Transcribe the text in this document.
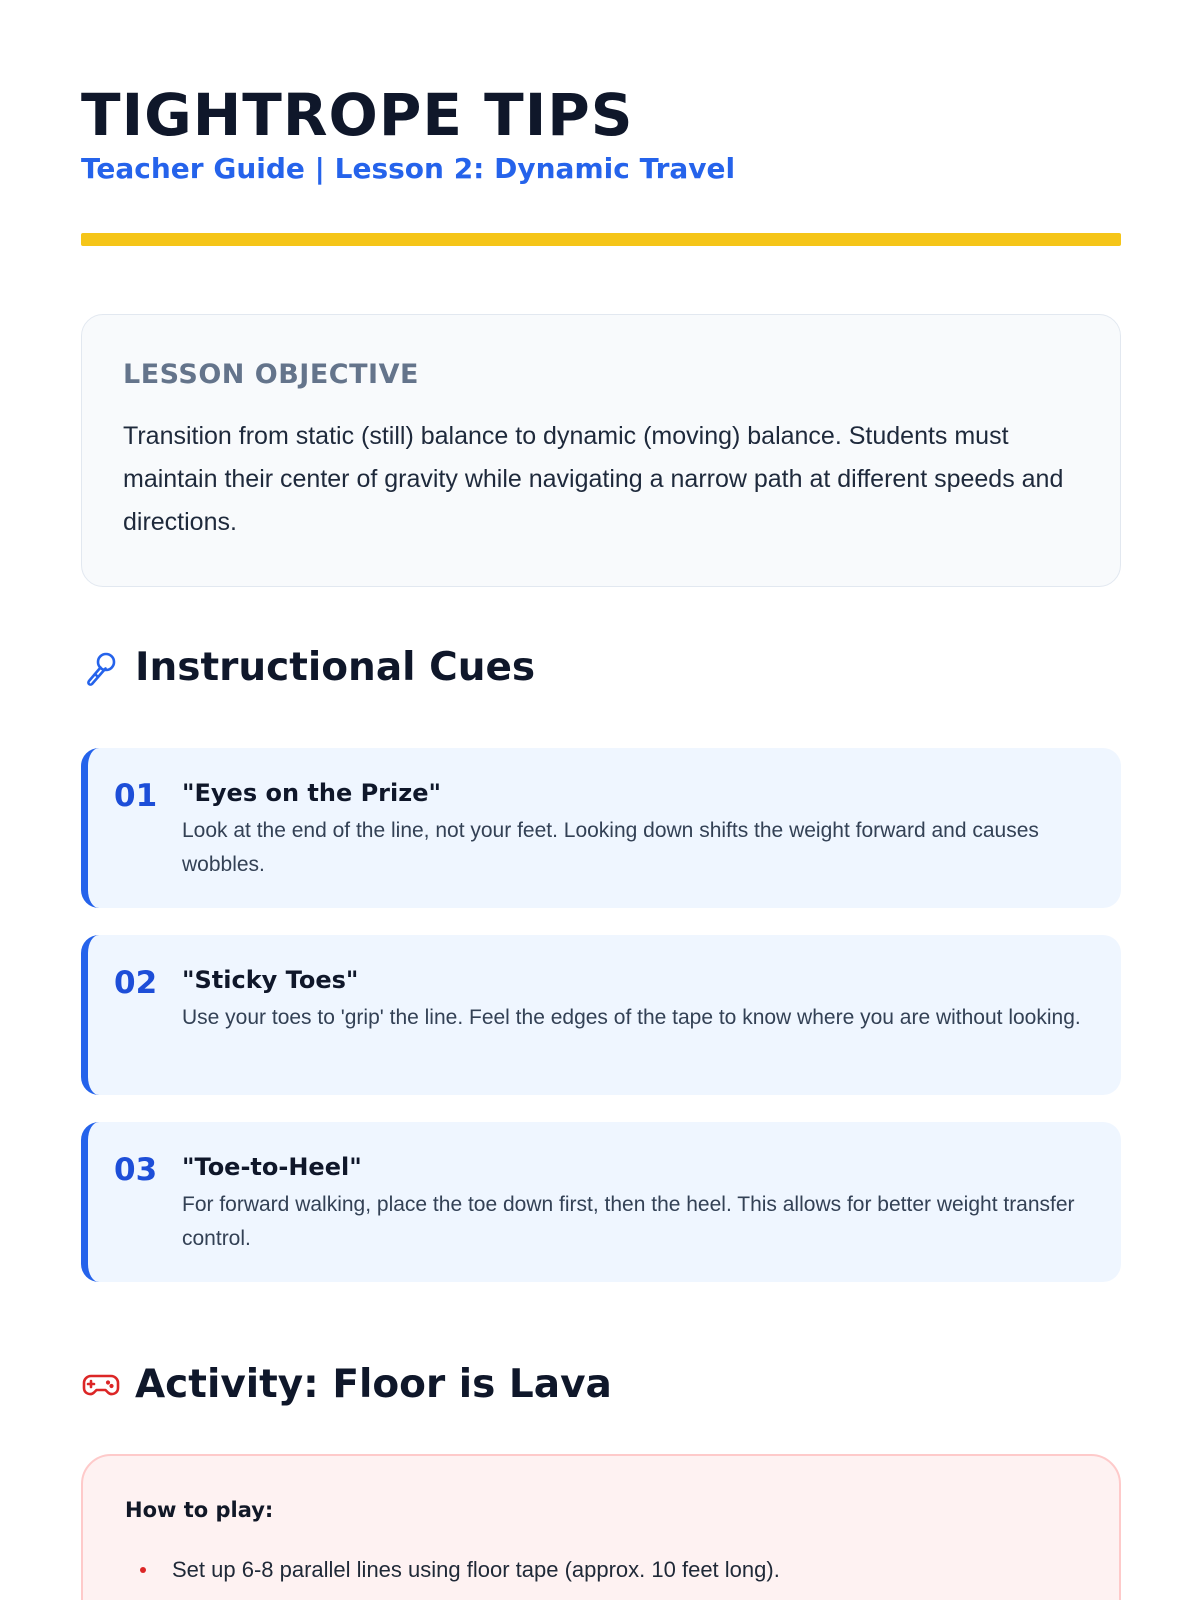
TIGHTROPE TIPS
Teacher Guide | Lesson 2: Dynamic Travel
LESSON OBJECTIVE

Transition from static (still) balance to dynamic (moving) balance. Students must maintain their center of gravity while navigating a narrow path at different speeds and directions.

Instructional Cues
01 "Eyes on the Prize"
Look at the end of the line, not your feet. Looking down shifts the weight forward and causes wobbles.
02 "Sticky Toes"
Use your toes to 'grip' the line. Feel the edges of the tape to know where you are without looking.
03 "Toe-to-Heel"
For forward walking, place the toe down first, then the heel. This allows for better weight transfer control.
Activity: Floor is Lava
How to play:
Set up 6-8 parallel lines using floor tape (approx. 10 feet long).
